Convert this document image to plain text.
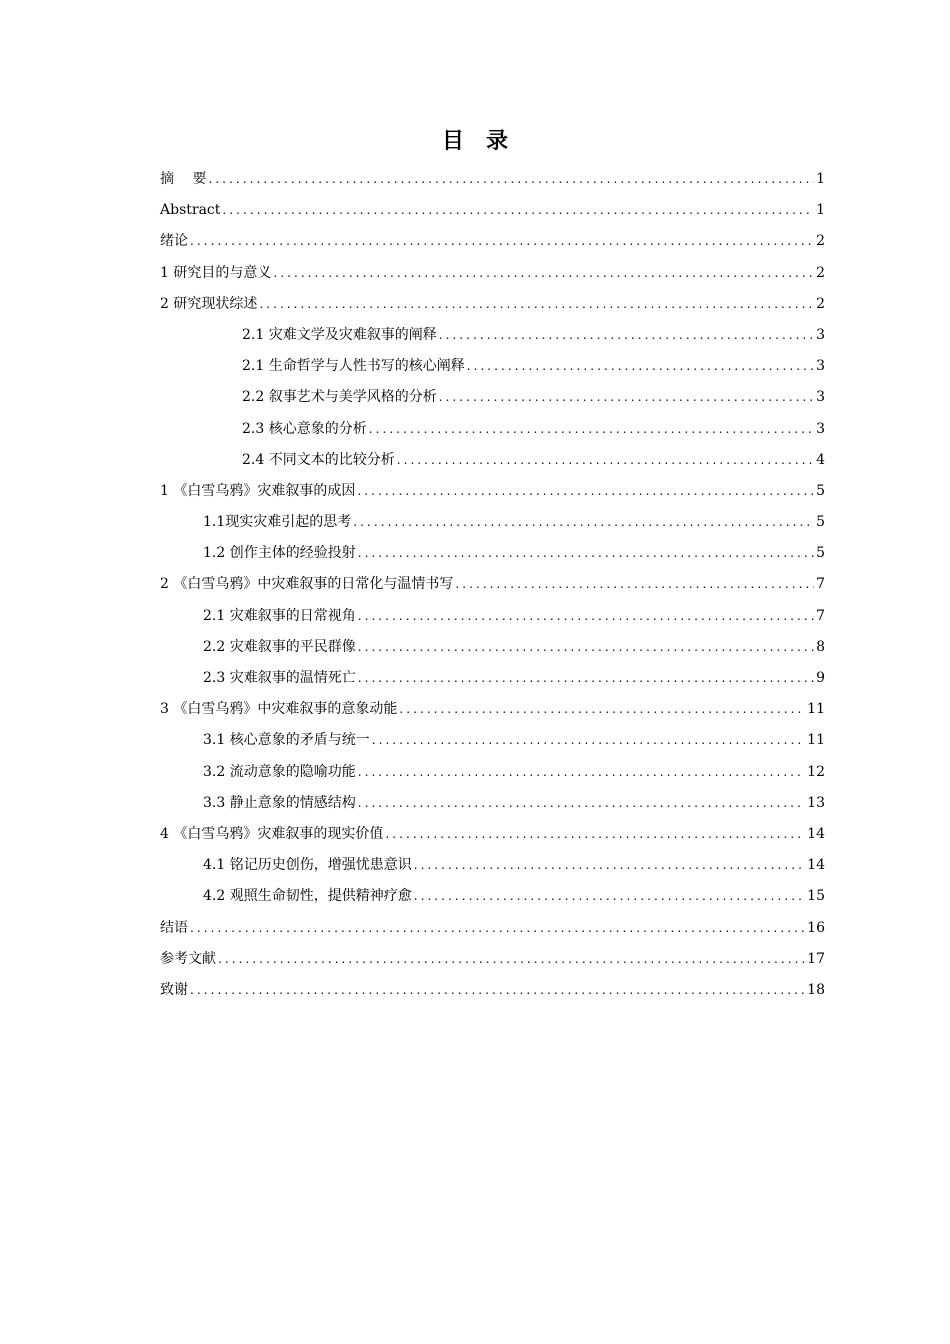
目 录
摘　 要 .....	1
Abstract .....	1
绪论 .....	2
1 研究目的与意义 .....	2
2 研究现状综述 .....	2
2.1 灾难文学及灾难叙事的阐释 .....	3
2.1 生命哲学与人性书写的核心阐释 .....	3
2.2 叙事艺术与美学风格的分析 .....	3
2.3 核心意象的分析 .....	3
2.4 不同文本的比较分析 .....	4
1 《白雪乌鸦》灾难叙事的成因 .....	5
1.1现实灾难引起的思考 .....	5
1.2 创作主体的经验投射 .....	5
2 《白雪乌鸦》中灾难叙事的日常化与温情书写 .....	7
2.1 灾难叙事的日常视角 .....	7
2.2 灾难叙事的平民群像 .....	8
2.3 灾难叙事的温情死亡 .....	9
3 《白雪乌鸦》中灾难叙事的意象动能 .....	11
3.1 核心意象的矛盾与统一 .....	11
3.2 流动意象的隐喻功能 .....	12
3.3 静止意象的情感结构 .....	13
4 《白雪乌鸦》灾难叙事的现实价值 .....	14
4.1 铭记历史创伤，增强忧患意识 .....	14
4.2 观照生命韧性，提供精神疗愈 .....	15
结语 .....	16
参考文献 .....	17
致谢 .....	18
